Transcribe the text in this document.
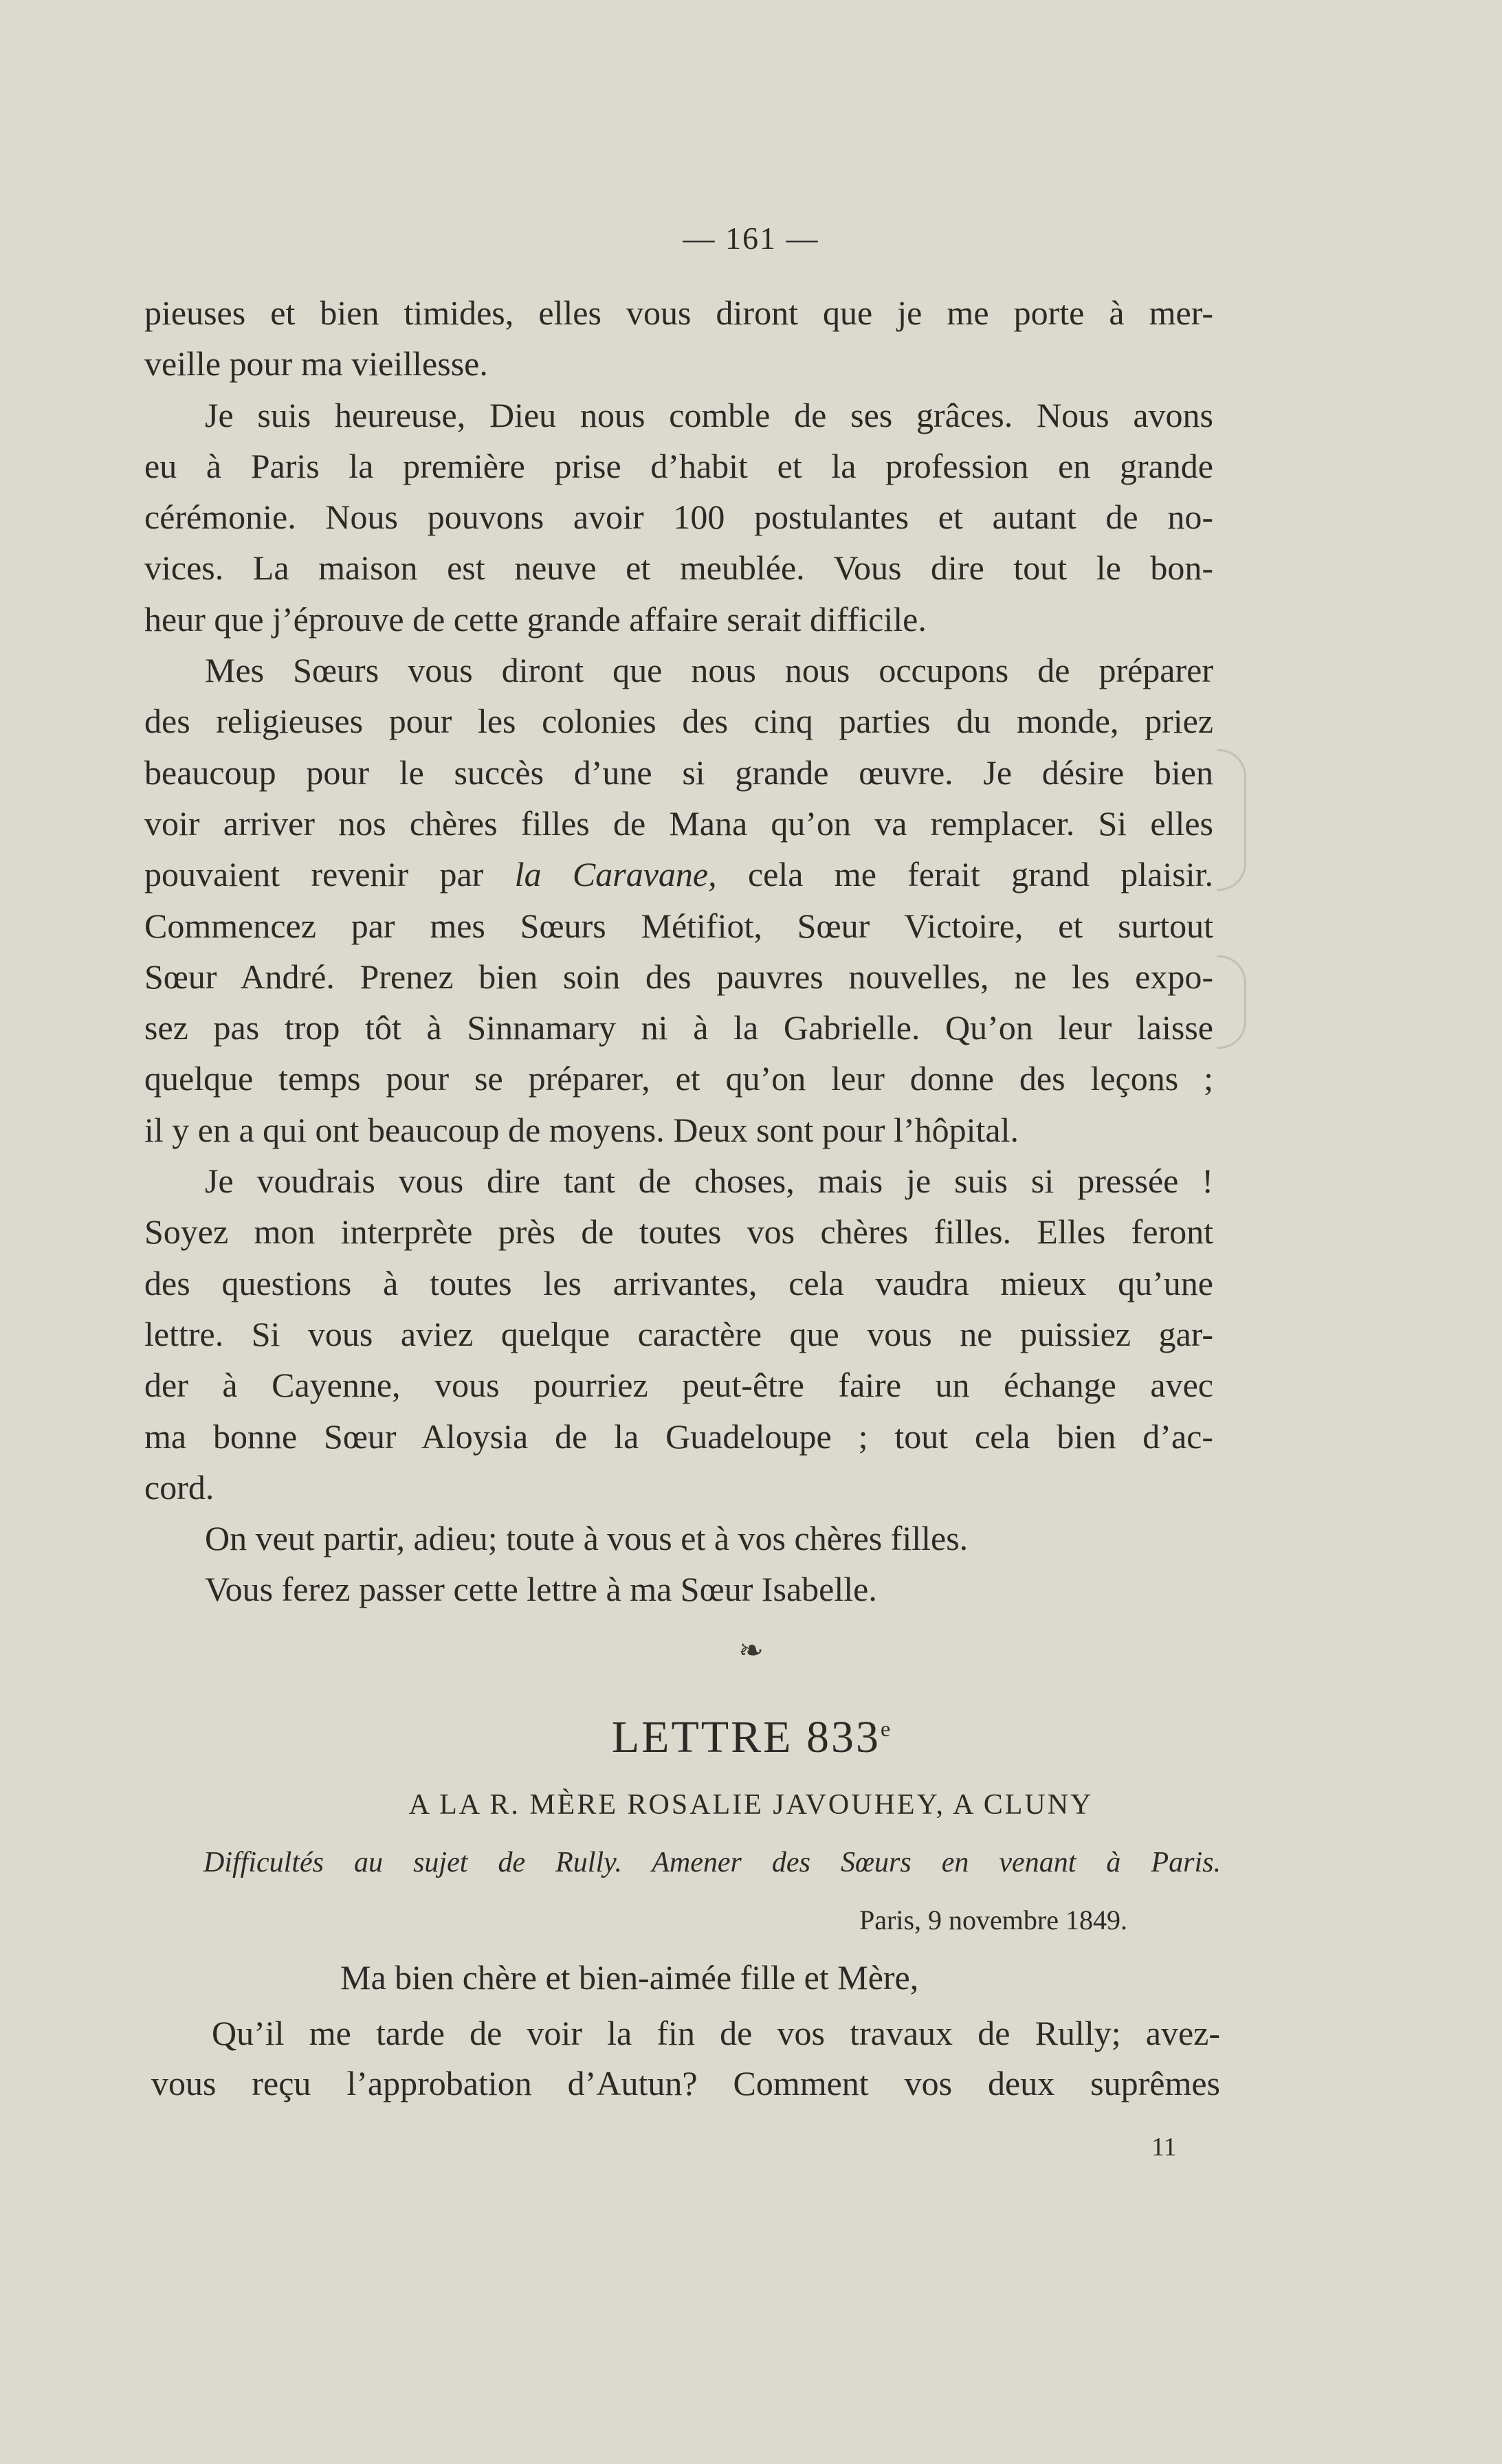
— 161 —
pieuses et bien timides, elles vous diront que je me porte à mer-
veille pour ma vieillesse.
Je suis heureuse, Dieu nous comble de ses grâces. Nous avons
eu à Paris la première prise d’habit et la profession en grande
cérémonie. Nous pouvons avoir 100 postulantes et autant de no-
vices. La maison est neuve et meublée. Vous dire tout le bon-
heur que j’éprouve de cette grande affaire serait difficile.
Mes Sœurs vous diront que nous nous occupons de préparer
des religieuses pour les colonies des cinq parties du monde, priez
beaucoup pour le succès d’une si grande œuvre. Je désire bien
voir arriver nos chères filles de Mana qu’on va remplacer. Si elles
pouvaient revenir par la Caravane, cela me ferait grand plaisir.
Commencez par mes Sœurs Métifiot, Sœur Victoire, et surtout
Sœur André. Prenez bien soin des pauvres nouvelles, ne les expo-
sez pas trop tôt à Sinnamary ni à la Gabrielle. Qu’on leur laisse
quelque temps pour se préparer, et qu’on leur donne des leçons ;
il y en a qui ont beaucoup de moyens. Deux sont pour l’hôpital.
Je voudrais vous dire tant de choses, mais je suis si pressée !
Soyez mon interprète près de toutes vos chères filles. Elles feront
des questions à toutes les arrivantes, cela vaudra mieux qu’une
lettre. Si vous aviez quelque caractère que vous ne puissiez gar-
der à Cayenne, vous pourriez peut-être faire un échange avec
ma bonne Sœur Aloysia de la Guadeloupe ; tout cela bien d’ac-
cord.
On veut partir, adieu; toute à vous et à vos chères filles.
Vous ferez passer cette lettre à ma Sœur Isabelle.
❧
LETTRE 833e
A LA R. MÈRE ROSALIE JAVOUHEY, A CLUNY
Difficultés au sujet de Rully. Amener des Sœurs en venant à Paris.
Paris, 9 novembre 1849.
Ma bien chère et bien-aimée fille et Mère,
Qu’il me tarde de voir la fin de vos travaux de Rully; avez-
vous reçu l’approbation d’Autun? Comment vos deux suprêmes
11
